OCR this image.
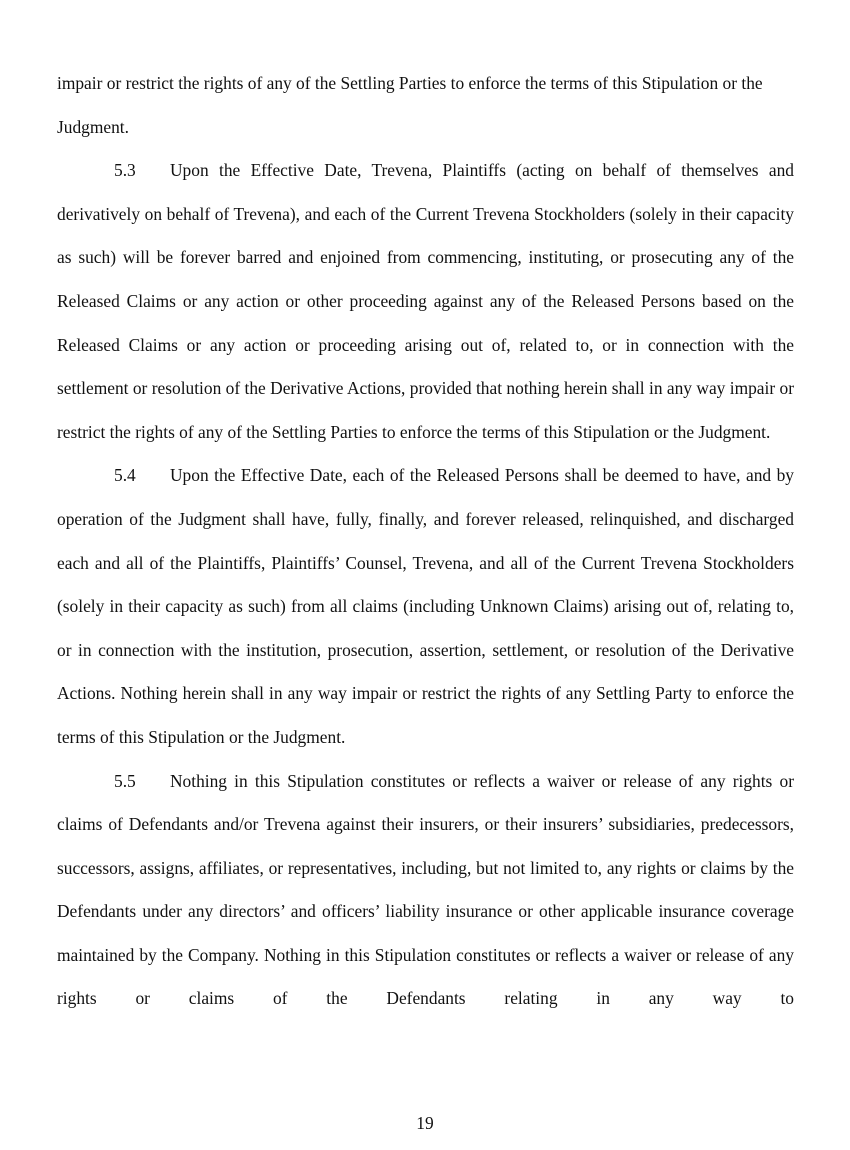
impair or restrict the rights of any of the Settling Parties to enforce the terms of this Stipulation or the Judgment.

5.3 Upon the Effective Date, Trevena, Plaintiffs (acting on behalf of themselves and derivatively on behalf of Trevena), and each of the Current Trevena Stockholders (solely in their capacity as such) will be forever barred and enjoined from commencing, instituting, or prosecuting any of the Released Claims or any action or other proceeding against any of the Released Persons based on the Released Claims or any action or proceeding arising out of, related to, or in connection with the settlement or resolution of the Derivative Actions, provided that nothing herein shall in any way impair or restrict the rights of any of the Settling Parties to enforce the terms of this Stipulation or the Judgment.

5.4 Upon the Effective Date, each of the Released Persons shall be deemed to have, and by operation of the Judgment shall have, fully, finally, and forever released, relinquished, and discharged each and all of the Plaintiffs, Plaintiffs’ Counsel, Trevena, and all of the Current Trevena Stockholders (solely in their capacity as such) from all claims (including Unknown Claims) arising out of, relating to, or in connection with the institution, prosecution, assertion, settlement, or resolution of the Derivative Actions. Nothing herein shall in any way impair or restrict the rights of any Settling Party to enforce the terms of this Stipulation or the Judgment.

5.5 Nothing in this Stipulation constitutes or reflects a waiver or release of any rights or claims of Defendants and/or Trevena against their insurers, or their insurers’ subsidiaries, predecessors, successors, assigns, affiliates, or representatives, including, but not limited to, any rights or claims by the Defendants under any directors’ and officers’ liability insurance or other applicable insurance coverage maintained by the Company. Nothing in this Stipulation constitutes or reflects a waiver or release of any rights or claims of the Defendants relating in any way to

19
